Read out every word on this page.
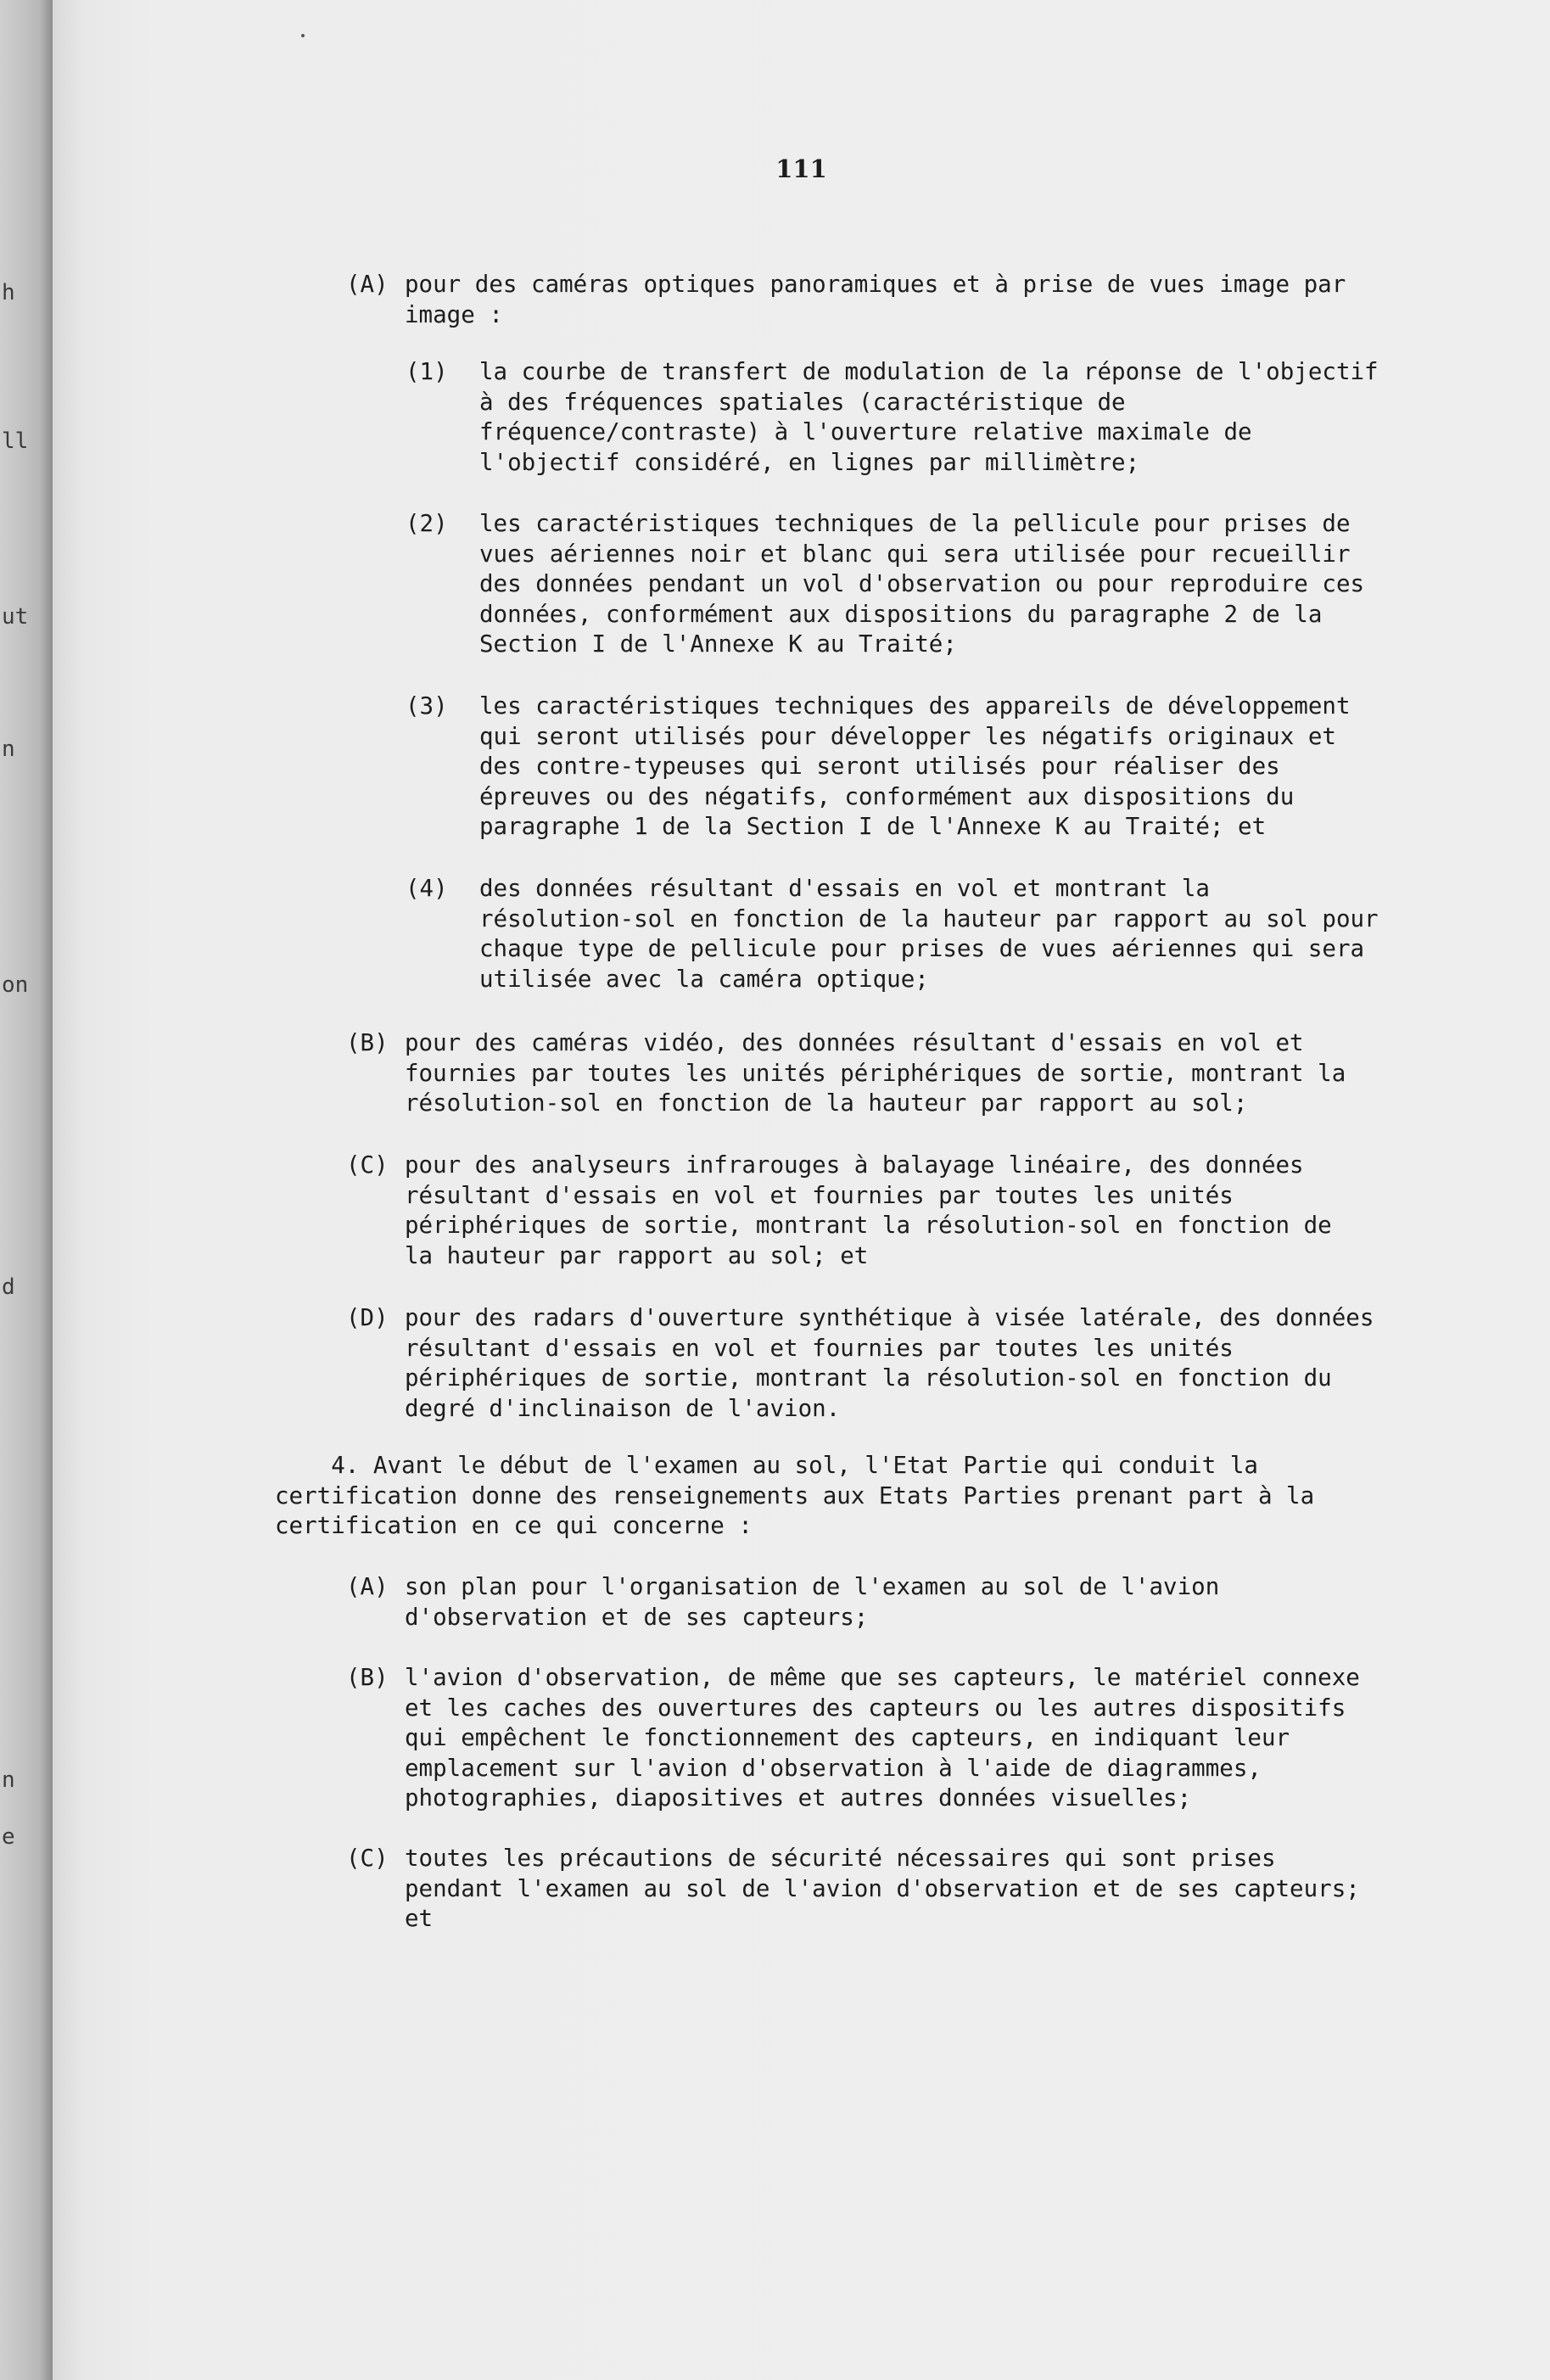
h
ll
ut
n
on
d
n
e
111
(A) pour des caméras optiques panoramiques et à prise de vues image par
image :
(1) la courbe de transfert de modulation de la réponse de l'objectif
à des fréquences spatiales (caractéristique de
fréquence/contraste) à l'ouverture relative maximale de
l'objectif considéré, en lignes par millimètre;
(2) les caractéristiques techniques de la pellicule pour prises de
vues aériennes noir et blanc qui sera utilisée pour recueillir
des données pendant un vol d'observation ou pour reproduire ces
données, conformément aux dispositions du paragraphe 2 de la
Section I de l'Annexe K au Traité;
(3) les caractéristiques techniques des appareils de développement
qui seront utilisés pour développer les négatifs originaux et
des contre-typeuses qui seront utilisés pour réaliser des
épreuves ou des négatifs, conformément aux dispositions du
paragraphe 1 de la Section I de l'Annexe K au Traité; et
(4) des données résultant d'essais en vol et montrant la
résolution-sol en fonction de la hauteur par rapport au sol pour
chaque type de pellicule pour prises de vues aériennes qui sera
utilisée avec la caméra optique;
(B) pour des caméras vidéo, des données résultant d'essais en vol et
fournies par toutes les unités périphériques de sortie, montrant la
résolution-sol en fonction de la hauteur par rapport au sol;
(C) pour des analyseurs infrarouges à balayage linéaire, des données
résultant d'essais en vol et fournies par toutes les unités
périphériques de sortie, montrant la résolution-sol en fonction de
la hauteur par rapport au sol; et
(D) pour des radars d'ouverture synthétique à visée latérale, des données
résultant d'essais en vol et fournies par toutes les unités
périphériques de sortie, montrant la résolution-sol en fonction du
degré d'inclinaison de l'avion.
4. Avant le début de l'examen au sol, l'Etat Partie qui conduit la
certification donne des renseignements aux Etats Parties prenant part à la
certification en ce qui concerne :
(A) son plan pour l'organisation de l'examen au sol de l'avion
d'observation et de ses capteurs;
(B) l'avion d'observation, de même que ses capteurs, le matériel connexe
et les caches des ouvertures des capteurs ou les autres dispositifs
qui empêchent le fonctionnement des capteurs, en indiquant leur
emplacement sur l'avion d'observation à l'aide de diagrammes,
photographies, diapositives et autres données visuelles;
(C) toutes les précautions de sécurité nécessaires qui sont prises
pendant l'examen au sol de l'avion d'observation et de ses capteurs;
et
